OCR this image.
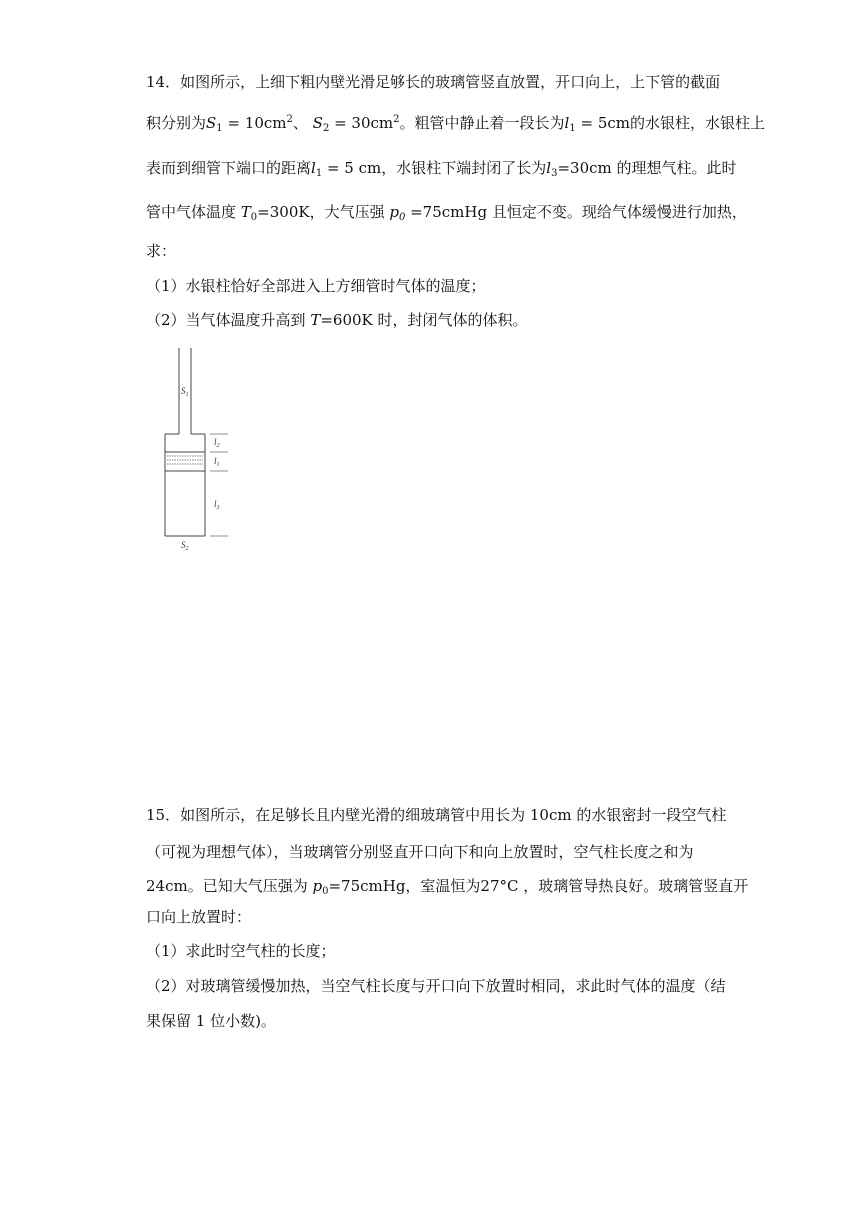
14．如图所示，上细下粗内壁光滑足够长的玻璃管竖直放置，开口向上，上下管的截面
积分别为$S_1 = 10cm^2$、 $S_2 = 30cm^2$。粗管中静止着一段长为$l_1 = 5cm$的水银柱，水银柱上
表而到细管下端口的距离$l_1 = 5$ cm，水银柱下端封闭了长为$l_3=30cm$ 的理想气柱。此时
管中气体温度 $T_0=300K$，大气压强 $p_0$ =75cmHg 且恒定不变。现给气体缓慢进行加热，
求：
（1）水银柱恰好全部进入上方细管时气体的温度；
（2）当气体温度升高到 T=600K 时，封闭气体的体积。
$S_1$
$l_2$
$l_1$
$l_3$
$S_2$
15．如图所示，在足够长且内壁光滑的细玻璃管中用长为 10cm 的水银密封一段空气柱
（可视为理想气体），当玻璃管分别竖直开口向下和向上放置时，空气柱长度之和为
24cm。已知大气压强为 $p_0=75cmHg$，室温恒为27°C ，玻璃管导热良好。玻璃管竖直开
口向上放置时：
（1）求此时空气柱的长度；
（2）对玻璃管缓慢加热，当空气柱长度与开口向下放置时相同，求此时气体的温度（结
果保留 1 位小数)。
